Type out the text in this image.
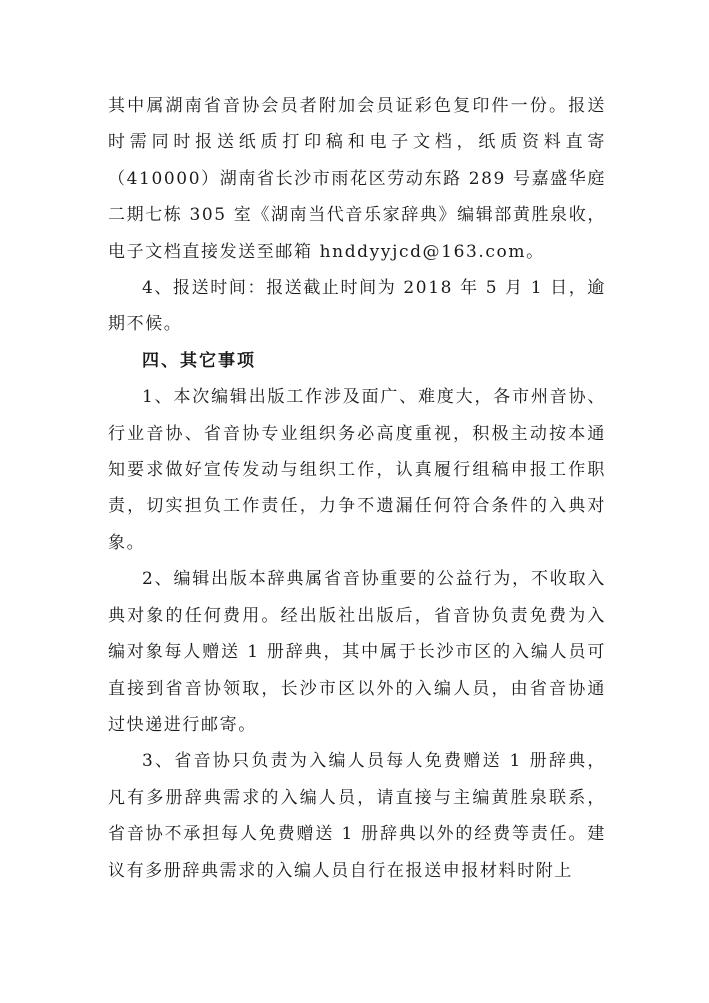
其中属湖南省音协会员者附加会员证彩色复印件一份。报送时需同时报送纸质打印稿和电子文档，纸质资料直寄（410000）湖南省长沙市雨花区劳动东路 289 号嘉盛华庭二期七栋 305 室《湖南当代音乐家辞典》编辑部黄胜泉收，电子文档直接发送至邮箱 hnddyyjcd@163.com。

4、报送时间：报送截止时间为 2018 年 5 月 1 日，逾期不候。

四、其它事项

1、本次编辑出版工作涉及面广、难度大，各市州音协、行业音协、省音协专业组织务必高度重视，积极主动按本通知要求做好宣传发动与组织工作，认真履行组稿申报工作职责，切实担负工作责任，力争不遗漏任何符合条件的入典对象。

2、编辑出版本辞典属省音协重要的公益行为，不收取入典对象的任何费用。经出版社出版后，省音协负责免费为入编对象每人赠送 1 册辞典，其中属于长沙市区的入编人员可直接到省音协领取，长沙市区以外的入编人员，由省音协通过快递进行邮寄。

3、省音协只负责为入编人员每人免费赠送 1 册辞典，凡有多册辞典需求的入编人员，请直接与主编黄胜泉联系，省音协不承担每人免费赠送 1 册辞典以外的经费等责任。建议有多册辞典需求的入编人员自行在报送申报材料时附上
